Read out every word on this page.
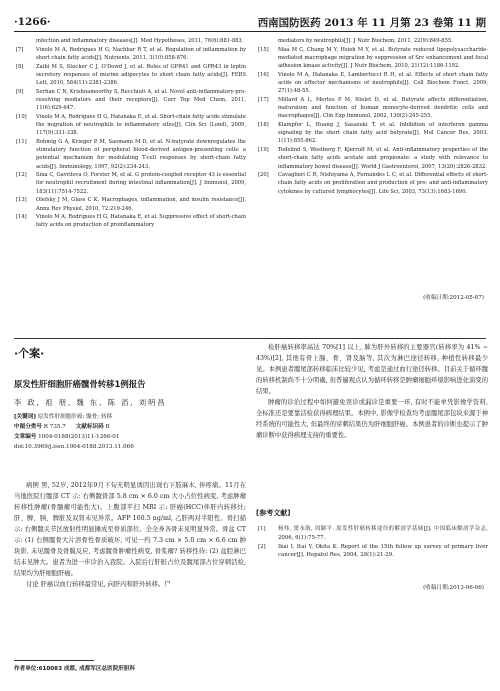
·1266·	西南国防医药 2013 年 11 月第 23 卷第 11 期
infection and inflammatory diseases[J]. Med Hypotheses, 2011, 76(6):881-883.
[7]	Vinolo M A, Rodrigues H G, Nachbar R T, et al. Regulation of inflammation by short chain fatty acids[J]. Nutrients, 2011, 3(10):858-876.
[8]	Zaibi M S, Stocker C J, O'Dowd J, et al. Roles of GPR41 and GPR43 in leptin secretory responses of murine adipocytes to short chain fatty acids[J]. FEBS Lett, 2010, 584(11):2381-2386.
[9]	Serhan C N, Krishnamoorthy S, Recchiuti A, et al. Novel anti-inflammatory-pro-resolving mediators and their receptors[J]. Curr Top Med Chem, 2011, 11(6):629-647.
[10]	Vinolo M A, Rodrigues H G, Hatanaka E, et al. Short-chain fatty acids stimulate the migration of neutrophils to inflammatory sites[J]. Clin Sci (Lond), 2009, 117(9):331-338.
[11]	Bohmig G A, Krieger P M, Saemann M D, et al. N-butyrate downregulates the stimulatory function of peripheral blood-derived antigen-presenting cells: a potential mechanism for modulating T-cell responses by short-chain fatty acids[J]. Immunology, 1997, 92(2):234-243.
[12]	Sina C, Gavrilova O, Forster M, et al. G protein-coupled receptor 43 is essential for neutrophil recruitment during intestinal inflammation[J]. J Immunol, 2009, 183(11):7514-7522.
[13]	Olefsky J M, Glass C K. Macrophages, inflammation, and insulin resistance[J]. Annu Rev Physiol, 2010, 72:219-246.
[14]	Vinolo M A, Rodrigues H G, Hatanaka E, et al. Suppressive effect of short-chain fatty acids on production of proinflammatory
mediators by neutrophils[J]. J Nutr Biochem, 2011, 22(9):849-855.
[15]	Maa M C, Chang M Y, Hsieh M Y, et al. Butyrate reduced lipopolysaccharide-mediated macrophage migration by suppression of Src enhancement and focal adhesion kinase activity[J]. J Nutr Biochem, 2010, 21(12):1186-1192.
[16]	Vinolo M A, Hatanaka E, Lambertucci R H, et al. Effects of short chain fatty acids on effector mechanisms of neutrophils[J]. Cell Biochem Funct, 2009, 27(1):48-55.
[17]	Millard A L, Mertes P M, Ittelet D, et al. Butyrate affects differentiation, maturation and function of human monocyte-derived dendritic cells and macrophages[J]. Clin Exp Immunol, 2002, 130(2):245-255.
[18]	Klampfer L, Huang J, Sasazuki T, et al. Inhibition of interferon gamma signaling by the short chain fatty acid butyrate[J]. Mol Cancer Res, 2003, 1(11):855-862.
[19]	Tedelind S, Westberg F, Kjerrulf M, et al. Anti-inflammatory properties of the short-chain fatty acids acetate and propionate: a study with relevance to inflammatory bowel disease[J]. World J Gastroenterol, 2007, 13(20):2826-2832.
[20]	Cavaglieri C R, Nishiyama A, Fernandes L C, et al. Differential effects of short-chain fatty acids on proliferation and production of pro- and anti-inflammatory cytokines by cultured lymphocytes[J]. Life Sci, 2003, 73(13):1683-1690.
(收稿日期:2012-05-07)
·个案·
原发性肝细胞肝癌髋骨转移1例报告
李 政, 祖 朋, 魏 东, 陈 滔, 刘明昌
[关键词] 原发性肝细胞肝癌; 髋骨; 转移
中图分类号 R 735.7 文献标识码 B
文章编号 1004-0188(2013)11-1266-01
doi:10.3969/j.issn.1004-0188.2013.11.066

病例 男, 52岁, 2012年9月下旬无明显诱因出现右下肢麻木, 伴疼痛。11月在当地医院行髋部 CT 示: 右侧髋骨部 5.8 cm × 6.0 cm 大小占位性病变, 考虑肿瘤转移性肿瘤(骨髓瘤可能性大)。上腹部平扫 MRI 示: 肝癌(HCC)伴肝内转移灶; 肝、脾、胰、脾脏及双肾未见异常。AFP 160.5 ng/ml, 乙肝两对半阳性。骨扫描示: 右侧髋关节区放射性明显摊成至骨质部位。全全身各骨未见明显异常。骨盆 CT 示: (1) 右侧髋骨大片溶骨性骨质破坏, 可见一约 7.3 cm × 5.0 cm × 6.6 cm 肿块影, 未见髋骨及骨膜反应, 考虑髋骨肿瘤性病变, 骨浆瘤? 转移性待: (2) 盆腔淋巴结未见肿大。患者为进一步诊治入我院。入院后行肝脏占位及髋尾部占位穿刺活检, 结果均为肝细胞肝癌。

讨论 肝癌以血行转移最常见, 向肝内和肝外转移。尸

检肝癌转移率高达 70%[1] 以上, 肺为肝外转移的主要器官(转移率为 41% ~ 43%)[2], 其他有骨上腺、骨、肾及脑等, 其次为淋巴途径转移, 种植性转移最少见。本例患者髋尾部转移临床比较少见, 考虑是通过血行途径转移。目前关于循环髋的转移机制尚不十分明确, 但普遍观点认为循环转移是肿瘤细胞环境影响进化演变的结果。

肿瘤的诊治过程中如何避免误诊或漏诊是重要一环, 有时不能单凭影像学资料, 全标准还是要靠活检获得病理结果。本例中, 影像学检查均考虑髋尾部包块来源于神经系统的可能性大, 但最终的穿刺结果仍为肝细胞肝癌。本例患者的诊断也提示了肿瘤诊断中获得病理支持的重要性。

[参考文献]
[1]	杨炜, 窦永航, 周颖平. 原发性肝癌转移途径的解剖学基础[J]. 中国临床解剖学杂志, 2006, 6(1):75-77.
[2]	Ikai I, Itai Y, Okita K. Report of the 15th follow up survey of primary liver cancer[J]. Hepatol Res, 2004, 28(1):21-29.
(收稿日期:2013-06-06)
作者单位:610083 成都, 成都军区总医院肝胆科
